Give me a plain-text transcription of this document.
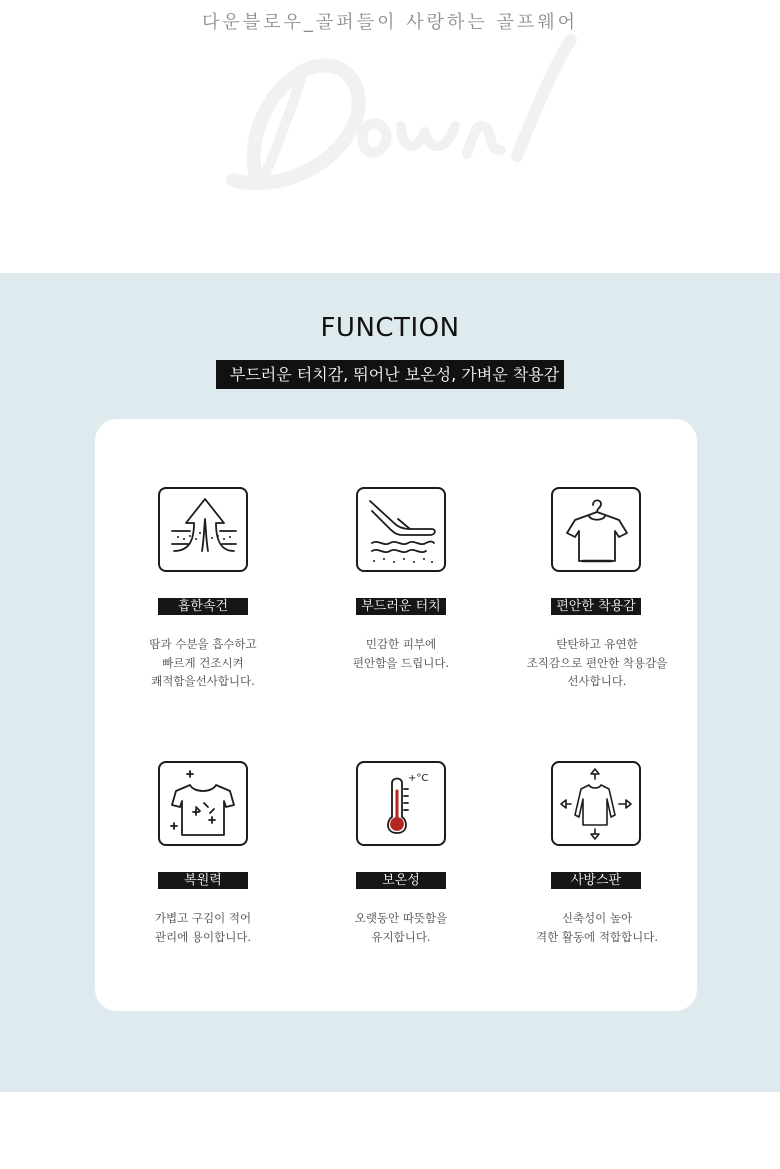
다운블로우_골퍼들이 사랑하는 골프웨어
FUNCTION
부드러운 터치감, 뛰어난 보온성, 가벼운 착용감
흡한속건
땀과 수분을 흡수하고
빠르게 건조시켜
쾌적함을선사합니다.
부드러운 터치
민감한 피부에
편안함을 드립니다.
편안한 착용감
탄탄하고 유연한
조직감으로 편안한 착용감을
선사합니다.
복원력
가볍고 구김이 적어
관리에 용이합니다.
+°C
보온성
오랫동안 따뜻함을
유지합니다.
사방스판
신축성이 높아
격한 활동에 적합합니다.
